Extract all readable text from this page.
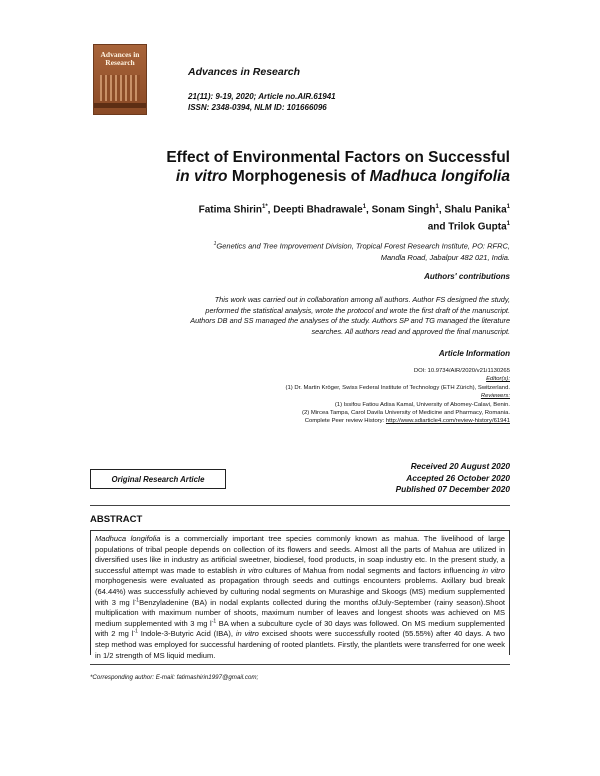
Advances in
Research
Advances in Research
21(11): 9-19, 2020; Article no.AIR.61941
ISSN: 2348-0394, NLM ID: 101666096
Effect of Environmental Factors on Successful
in vitro Morphogenesis of Madhuca longifolia
Fatima Shirin$^{1*}$, Deepti Bhadrawale$^1$, Sonam Singh$^1$, Shalu Panika$^1$
and Trilok Gupta$^1$
$^1$Genetics and Tree Improvement Division, Tropical Forest Research Institute, PO: RFRC,
Mandla Road, Jabalpur 482 021, India.
Authors' contributions
This work was carried out in collaboration among all authors. Author FS designed the study,
performed the statistical analysis, wrote the protocol and wrote the first draft of the manuscript.
Authors DB and SS managed the analyses of the study. Authors SP and TG managed the literature
searches. All authors read and approved the final manuscript.
Article Information
DOI: 10.9734/AIR/2020/v21i1130265
Editor(s):
(1) Dr. Martin Kröger, Swiss Federal Institute of Technology (ETH Zürich), Switzerland.
Reviewers:
(1) Issifou Fatiou Adisa Kamal, University of Abomey-Calavi, Benin.
(2) Mircea Tampa, Carol Davila University of Medicine and Pharmacy, Romania.
Complete Peer review History: http://www.sdiarticle4.com/review-history/61941
Original Research Article
Received 20 August 2020
Accepted 26 October 2020
Published 07 December 2020
ABSTRACT
Madhuca longifolia is a commercially important tree species commonly known as mahua. The livelihood of large populations of tribal people depends on collection of its flowers and seeds. Almost all the parts of Mahua are utilized in diversified uses like in industry as artificial sweetner, biodiesel, food products, in soap industry etc. In the present study, a successful attempt was made to establish in vitro cultures of Mahua from nodal segments and factors influencing in vitro morphogenesis were evaluated as propagation through seeds and cuttings encounters problems. Axillary bud break (64.44%) was successfully achieved by culturing nodal segments on Murashige and Skoogs (MS) medium supplemented with 3 mg $l^{-1}Benzyladenine$ (BA) in nodal explants collected during the months ofJuly-September (rainy season).Shoot multiplication with maximum number of shoots, maximum number of leaves and longest shoots was achieved on MS medium supplemented with 3 mg $l^{-1}$ BA when a subculture cycle of 30 days was followed. On MS medium supplemented with 2 mg $l^{-1}$ Indole-3-Butyric Acid (IBA), in vitro excised shoots were successfully rooted (55.55%) after 40 days. A two step method was employed for successful hardening of rooted plantlets. Firstly, the plantlets were transferred for one week in 1/2 strength of MS liquid medium.
*Corresponding author: E-mail: fatimashirin1997@gmail.com;
